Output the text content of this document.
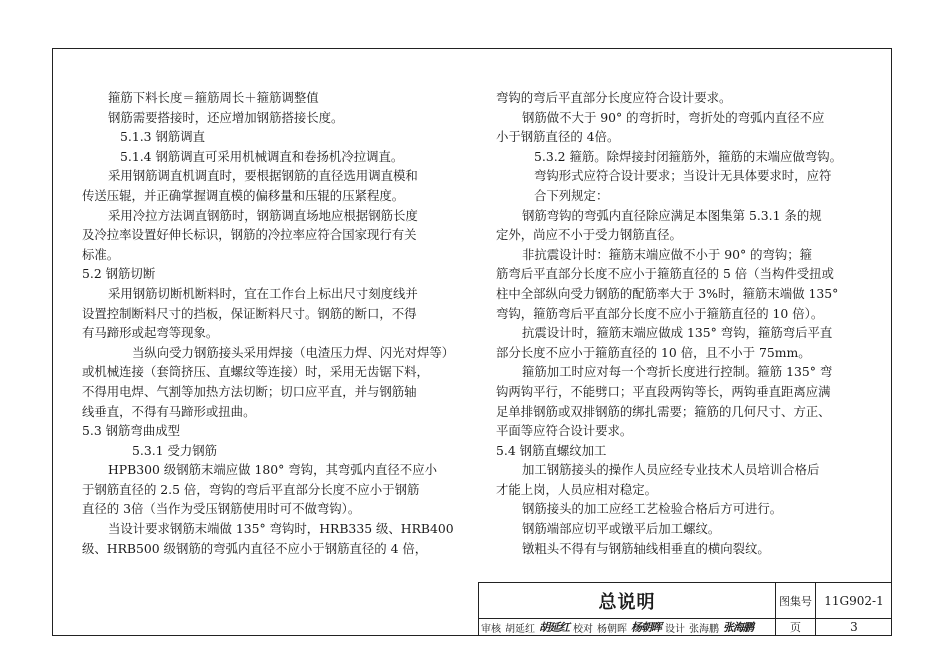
箍筋下料长度＝箍筋周长＋箍筋调整值

钢筋需要搭接时，还应增加钢筋搭接长度。

5.1.3 钢筋调直

5.1.4 钢筋调直可采用机械调直和卷扬机冷拉调直。

采用钢筋调直机调直时，要根据钢筋的直径选用调直模和

传送压辊，并正确掌握调直模的偏移量和压辊的压紧程度。

采用冷拉方法调直钢筋时，钢筋调直场地应根据钢筋长度

及冷拉率设置好伸长标识，钢筋的冷拉率应符合国家现行有关

标准。

5.2 钢筋切断

采用钢筋切断机断料时，宜在工作台上标出尺寸刻度线并

设置控制断料尺寸的挡板，保证断料尺寸。钢筋的断口，不得

有马蹄形或起弯等现象。

当纵向受力钢筋接头采用焊接（电渣压力焊、闪光对焊等）

或机械连接（套筒挤压、直螺纹等连接）时，采用无齿锯下料，

不得用电焊、气割等加热方法切断；切口应平直，并与钢筋轴

线垂直，不得有马蹄形或扭曲。

5.3 钢筋弯曲成型

5.3.1 受力钢筋

HPB300 级钢筋末端应做 180° 弯钩，其弯弧内直径不应小

于钢筋直径的 2.5 倍，弯钩的弯后平直部分长度不应小于钢筋

直径的 3倍（当作为受压钢筋使用时可不做弯钩）。

当设计要求钢筋末端做 135° 弯钩时，HRB335 级、HRB400

级、HRB500 级钢筋的弯弧内直径不应小于钢筋直径的 4 倍，

弯钩的弯后平直部分长度应符合设计要求。

钢筋做不大于 90° 的弯折时，弯折处的弯弧内直径不应

小于钢筋直径的 4倍。

5.3.2 箍筋。除焊接封闭箍筋外，箍筋的末端应做弯钩。

弯钩形式应符合设计要求；当设计无具体要求时，应符

合下列规定：

钢筋弯钩的弯弧内直径除应满足本图集第 5.3.1 条的规

定外，尚应不小于受力钢筋直径。

非抗震设计时：箍筋末端应做不小于 90° 的弯钩；箍

筋弯后平直部分长度不应小于箍筋直径的 5 倍（当构件受扭或

柱中全部纵向受力钢筋的配筋率大于 3%时，箍筋末端做 135°

弯钩，箍筋弯后平直部分长度不应小于箍筋直径的 10 倍）。

抗震设计时，箍筋末端应做成 135° 弯钩，箍筋弯后平直

部分长度不应小于箍筋直径的 10 倍，且不小于 75mm。

箍筋加工时应对每一个弯折长度进行控制。箍筋 135° 弯

钩两钩平行，不能劈口；平直段两钩等长，两钩垂直距离应满

足单排钢筋或双排钢筋的绑扎需要；箍筋的几何尺寸、方正、

平面等应符合设计要求。

5.4 钢筋直螺纹加工

加工钢筋接头的操作人员应经专业技术人员培训合格后

才能上岗，人员应相对稳定。

钢筋接头的加工应经工艺检验合格后方可进行。

钢筋端部应切平或镦平后加工螺纹。

镦粗头不得有与钢筋轴线相垂直的横向裂纹。

总说明	图集号	11G902-1
审核 胡延红 胡延红 校对 杨朝晖 杨朝晖 设计 张海鹏 张海鹏	页	3
